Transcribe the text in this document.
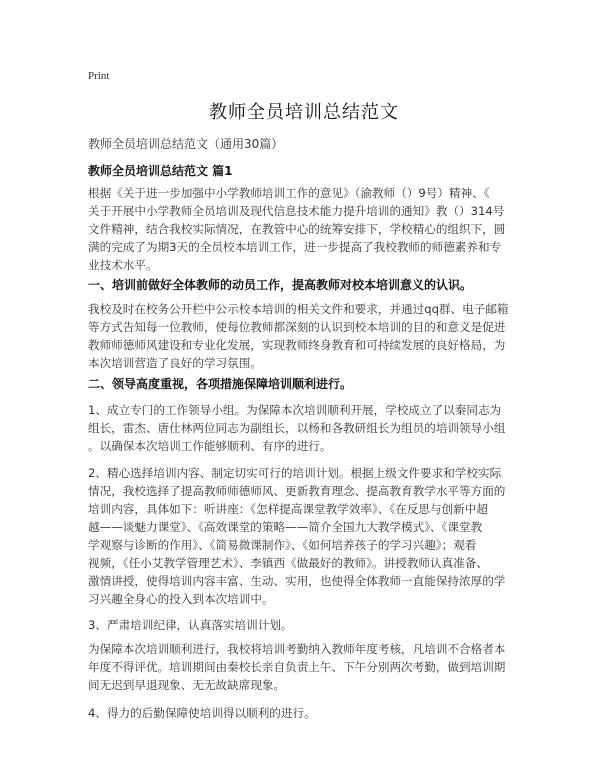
Print
教师全员培训总结范文
教师全员培训总结范文（通用30篇）
教师全员培训总结范文 篇1

根据《关于进一步加强中小学教师培训工作的意见》（渝教师（）9号）精神、《
关于开展中小学教师全员培训及现代信息技术能力提升培训的通知》教（）314号
文件精神，结合我校实际情况，在教管中心的统筹安排下，学校精心的组织下，圆
满的完成了为期3天的全员校本培训工作，进一步提高了我校教师的师德素养和专
业技术水平。

一、培训前做好全体教师的动员工作，提高教师对校本培训意义的认识。

我校及时在校务公开栏中公示校本培训的相关文件和要求，并通过qq群、电子邮箱
等方式告知每一位教师，使每位教师都深刻的认识到校本培训的目的和意义是促进
教师师德师风建设和专业化发展，实现教师终身教育和可持续发展的良好格局，为
本次培训营造了良好的学习氛围。

二、领导高度重视，各项措施保障培训顺利进行。

1、成立专门的工作领导小组。为保障本次培训顺利开展，学校成立了以秦同志为
组长，雷杰、唐仕林两位同志为副组长，以杨和各教研组长为组员的培训领导小组
。以确保本次培训工作能够顺利、有序的进行。

2、精心选择培训内容、制定切实可行的培训计划。根据上级文件要求和学校实际
情况，我校选择了提高教师师德师风、更新教育理念、提高教育教学水平等方面的
培训内容，具体如下：听讲座：《怎样提高课堂教学效率》、《在反思与创新中超
越——谈魅力课堂》、《高效课堂的策略——简介全国九大教学模式》、《课堂教
学观察与诊断的作用》、《简易微课制作》、《如何培养孩子的学习兴趣》；观看
视频，《任小艾教学管理艺术》、李镇西《做最好的教师》。讲授教师认真准备、
激情讲授，使得培训内容丰富、生动、实用，也使得全体教师一直能保持浓厚的学
习兴趣全身心的投入到本次培训中。

3、严肃培训纪律，认真落实培训计划。

为保障本次培训顺利进行，我校将培训考勤纳入教师年度考核，凡培训不合格者本
年度不得评优。培训期间由秦校长亲自负责上午、下午分别两次考勤，做到培训期
间无迟到早退现象、无无故缺席现象。

4、得力的后勤保障使培训得以顺利的进行。
